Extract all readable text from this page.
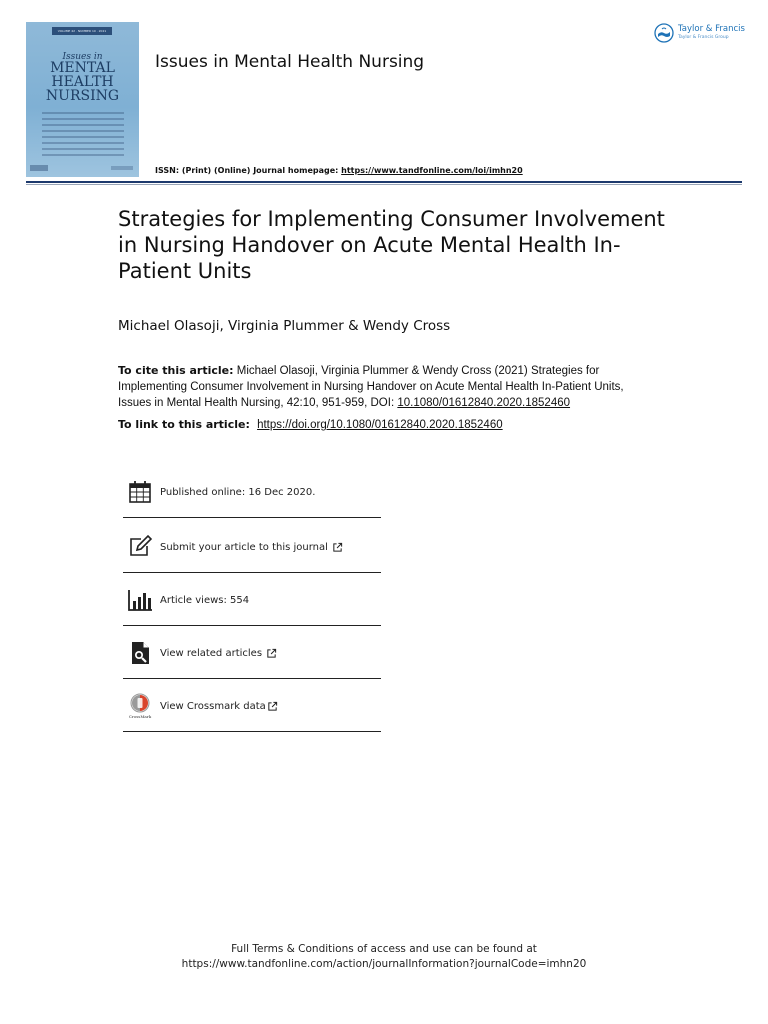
VOLUME 42 · NUMBER 10 · 2021
Issues in
MENTAL
HEALTH
NURSING
Issues in Mental Health Nursing
ISSN: (Print) (Online) Journal homepage: https://www.tandfonline.com/loi/imhn20
Taylor & Francis
Taylor & Francis Group
Strategies for Implementing Consumer Involvement in Nursing Handover on Acute Mental Health In-Patient Units
Michael Olasoji, Virginia Plummer & Wendy Cross
To cite this article: Michael Olasoji, Virginia Plummer & Wendy Cross (2021) Strategies for Implementing Consumer Involvement in Nursing Handover on Acute Mental Health In-Patient Units, Issues in Mental Health Nursing, 42:10, 951-959, DOI: 10.1080/01612840.2020.1852460
To link to this article: https://doi.org/10.1080/01612840.2020.1852460
Published online: 16 Dec 2020.
Submit your article to this journal
Article views: 554
View related articles
CrossMark
View Crossmark data
Full Terms & Conditions of access and use can be found at
https://www.tandfonline.com/action/journalInformation?journalCode=imhn20
